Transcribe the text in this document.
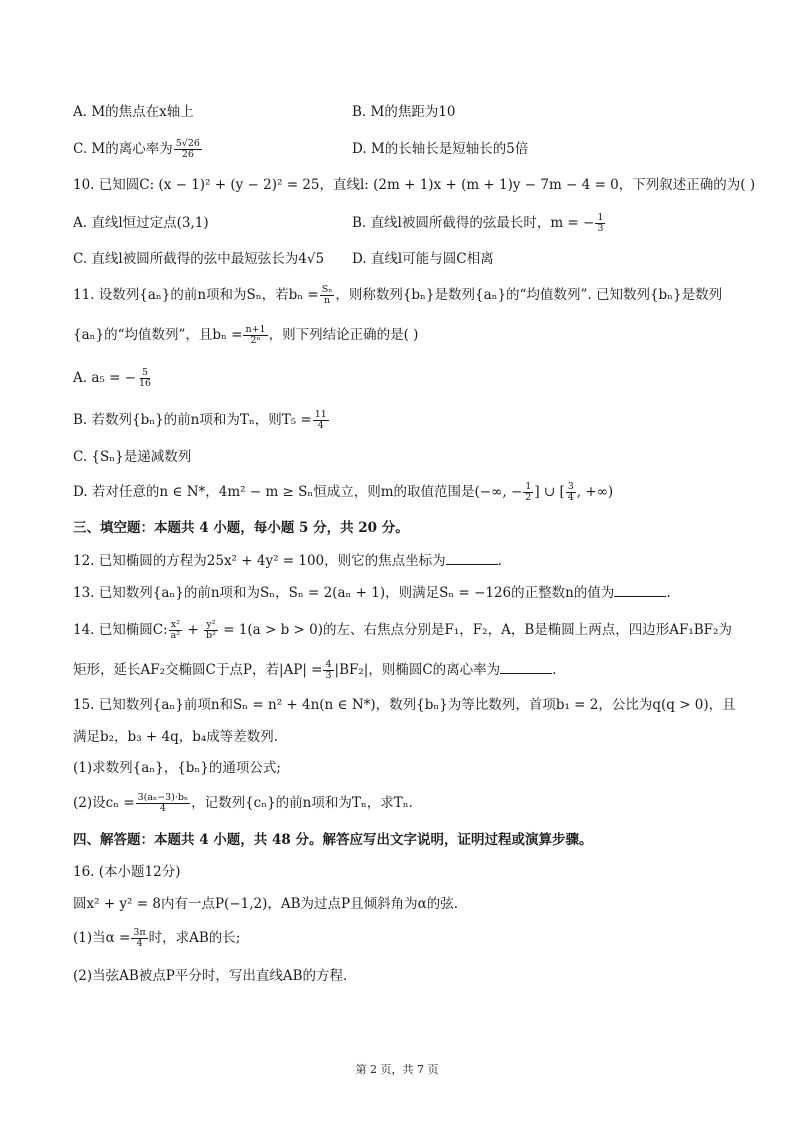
A. M的焦点在x轴上	B. M的焦距为10
C. M的离心率为 $\frac{5√26}{26}$	D. M的长轴长是短轴长的5倍
10. 已知圆C: (x − 1)² + (y − 2)² = 25，直线l: (2m + 1)x + (m + 1)y − 7m − 4 = 0，下列叙述正确的为( )
A. 直线l恒过定点(3,1)	B. 直线l被圆所截得的弦最长时，m = − $\frac{1}{3}$
C. 直线l被圆所截得的弦中最短弦长为4√5 D. 直线l可能与圆C相离
11. 设数列{aₙ}的前n项和为Sₙ，若$b_n = \frac{\text{Sₙ}}{n}$ ，则称数列{bₙ}是数列{aₙ}的“均值数列”. 已知数列{bₙ}是数列
{aₙ}的“均值数列”，且$b_n = \frac{n+1}{\text{2ⁿ}}$ ，则下列结论正确的是( )
A. a₅ = − $\frac{5}{16}$
B. 若数列{bₙ}的前n项和为Tₙ，则$T_5 = \frac{11}{4}$
C. {Sₙ}是递减数列
D. 若对任意的n ∈ N*，4m² − m ≥ Sₙ恒成立，则m的取值范围是(−∞, − $\frac{1}{2}$ ] ∪ [ $\frac{3}{4}$ , +∞)
三、填空题：本题共 4 小题，每小题 5 分，共 20 分。
12. 已知椭圆的方程为25x² + 4y² = 100，则它的焦点坐标为	.
13. 已知数列{aₙ}的前n项和为Sₙ，Sₙ = 2(aₙ + 1)，则满足Sₙ = −126的正整数n的值为	.
14. 已知椭圆C: $\frac{\text{x²}}{\text{a²}} + \frac{\text{y²}}{\text{b²}} = 1(a > b > 0)$的左、右焦点分别是F₁，F₂，A，B是椭圆上两点，四边形AF₁BF₂为
矩形，延长AF₂交椭圆C于点P，若$|AP| = \frac{4}{3} |BF_2|$，则椭圆C的离心率为	.
15. 已知数列{aₙ}前项n和Sₙ = n² + 4n(n ∈ N*)，数列{bₙ}为等比数列，首项b₁ = 2，公比为q(q > 0)，且
满足b₂，b₃ + 4q，b₄成等差数列.
(1)求数列{aₙ}，{bₙ}的通项公式;
(2)设$c_n = \frac{\text{3(aₙ−3)·bₙ}}{4}$ ，记数列{cₙ}的前n项和为Tₙ，求Tₙ.
四、解答题：本题共 4 小题，共 48 分。解答应写出文字说明，证明过程或演算步骤。
16. (本小题12分)
圆x² + y² = 8内有一点P(−1,2)，AB为过点P且倾斜角为α的弦.
(1)当$\alpha = \frac{3\pi}{4}$ 时，求AB的长;
(2)当弦AB被点P平分时，写出直线AB的方程.
第 2 页，共 7 页
